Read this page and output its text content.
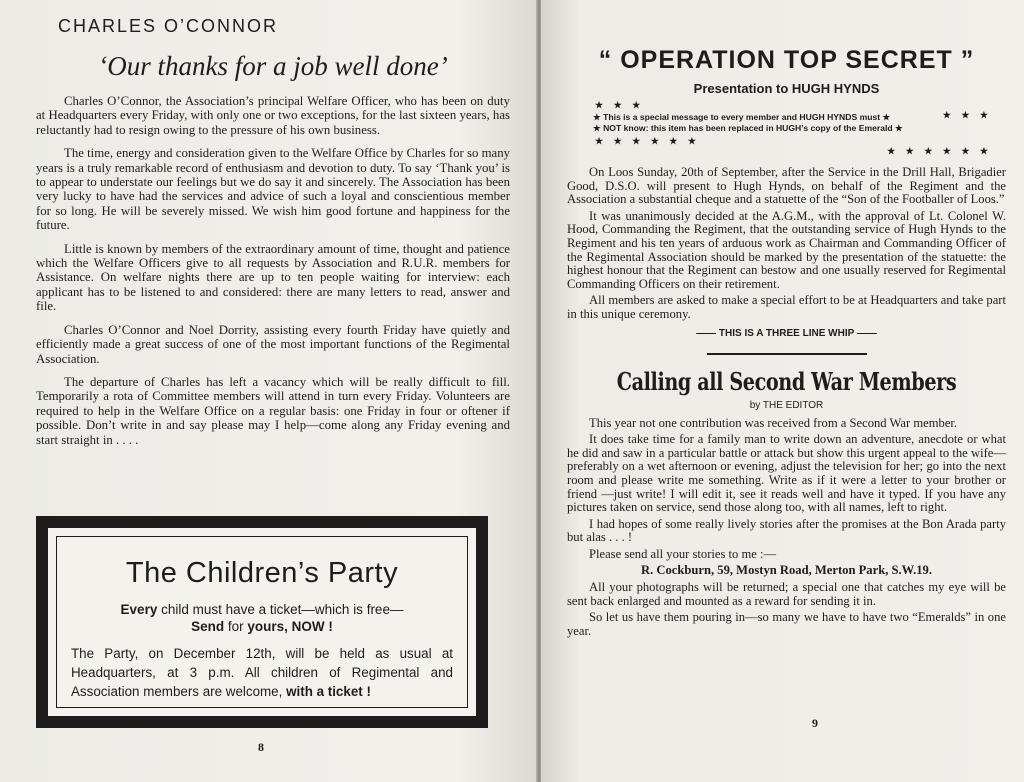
CHARLES O’CONNOR
‘Our thanks for a job well done’

Charles O’Connor, the Association’s principal Welfare Officer, who has been on duty at Headquarters every Friday, with only one or two exceptions, for the last sixteen years, has reluctantly had to resign owing to the pressure of his own business.

The time, energy and consideration given to the Welfare Office by Charles for so many years is a truly remarkable record of enthusiasm and devotion to duty. To say ‘Thank you’ is to appear to understate our feelings but we do say it and sincerely. The Association has been very lucky to have had the services and advice of such a loyal and conscientious member for so long. He will be severely missed. We wish him good fortune and happiness for the future.

Little is known by members of the extraordinary amount of time, thought and patience which the Welfare Officers give to all requests by Association and R.U.R. members for Assistance. On welfare nights there are up to ten people waiting for interview: each applicant has to be listened to and considered: there are many letters to read, answer and file.

Charles O’Connor and Noel Dorrity, assisting every fourth Friday have quietly and efficiently made a great success of one of the most important functions of the Regimental Association.

The departure of Charles has left a vacancy which will be really difficult to fill. Temporarily a rota of Committee members will attend in turn every Friday. Volunteers are required to help in the Welfare Office on a regular basis: one Friday in four or oftener if possible. Don’t write in and say please may I help—come along any Friday evening and start straight in . . . .

The Children’s Party
Every child must have a ticket—which is free—
Send for yours, NOW !
The Party, on December 12th, will be held as usual at Headquarters, at 3 p.m. All children of Regimental and Association members are welcome, with a ticket !
8
“ OPERATION TOP SECRET ”
Presentation to HUGH HYNDS
★ ★ ★
★ ★ ★
★ This is a special message to every member and HUGH HYNDS must ★
★ NOT know: this item has been replaced in HUGH’s copy of the Emerald ★
★ ★ ★ ★ ★ ★
★ ★ ★ ★ ★ ★

On Loos Sunday, 20th of September, after the Service in the Drill Hall, Brigadier Good, D.S.O. will present to Hugh Hynds, on behalf of the Regiment and the Association a substantial cheque and a statuette of the “Son of the Footballer of Loos.”

It was unanimously decided at the A.G.M., with the approval of Lt. Colonel W. Hood, Commanding the Regiment, that the outstanding service of Hugh Hynds to the Regiment and his ten years of arduous work as Chairman and Commanding Officer of the Regimental Association should be marked by the presentation of the statuette: the highest honour that the Regiment can bestow and one usually reserved for Regimental Commanding Officers on their retirement.

All members are asked to make a special effort to be at Headquarters and take part in this unique ceremony.

—— THIS IS A THREE LINE WHIP ——
Calling all Second War Members
by THE EDITOR

This year not one contribution was received from a Second War member.

It does take time for a family man to write down an adventure, anecdote or what he did and saw in a particular battle or attack but show this urgent appeal to the wife—preferably on a wet afternoon or evening, adjust the television for her; go into the next room and please write me something. Write as if it were a letter to your brother or friend —just write! I will edit it, see it reads well and have it typed. If you have any pictures taken on service, send those along too, with all names, left to right.

I had hopes of some really lively stories after the promises at the Bon Arada party but alas . . . !

Please send all your stories to me :—

R. Cockburn, 59, Mostyn Road, Merton Park, S.W.19.

All your photographs will be returned; a special one that catches my eye will be sent back enlarged and mounted as a reward for sending it in.

So let us have them pouring in—so many we have to have two “Emeralds” in one year.

9
